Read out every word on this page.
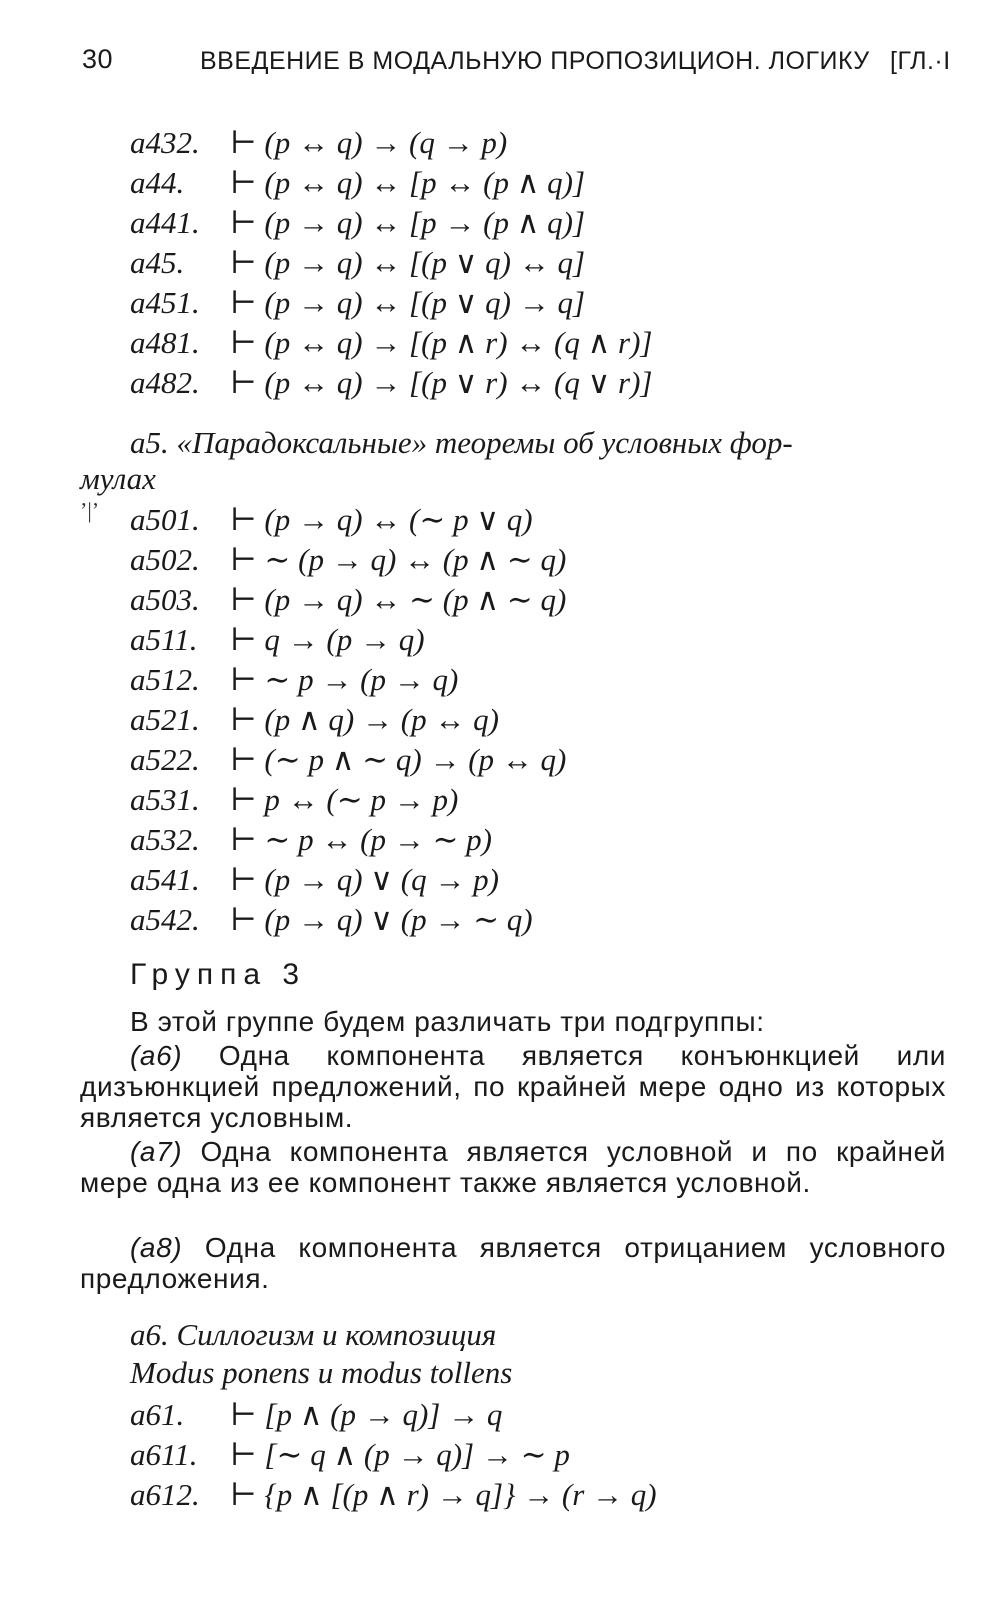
30	ВВЕДЕНИЕ В МОДАЛЬНУЮ ПРОПОЗИЦИОН. ЛОГИКУ [ГЛ.·I
a432. ⊢ (p ↔ q) → (q → p)
a44. ⊢ (p ↔ q) ↔ [p ↔ (p ∧ q)]
a441. ⊢ (p → q) ↔ [p → (p ∧ q)]
a45. ⊢ (p → q) ↔ [(p ∨ q) ↔ q]
a451. ⊢ (p → q) ↔ [(p ∨ q) → q]
a481. ⊢ (p ↔ q) → [(p ∧ r) ↔ (q ∧ r)]
a482. ⊢ (p ↔ q) → [(p ∨ r) ↔ (q ∨ r)]
a5. «Парадоксальные» теоремы об условных фор-
мулах
ʼ|ʼ a501. ⊢ (p → q) ↔ (∼ p ∨ q)
a502. ⊢ ∼ (p → q) ↔ (p ∧ ∼ q)
a503. ⊢ (p → q) ↔ ∼ (p ∧ ∼ q)
a511. ⊢ q → (p → q)
a512. ⊢ ∼ p → (p → q)
a521. ⊢ (p ∧ q) → (p ↔ q)
a522. ⊢ (∼ p ∧ ∼ q) → (p ↔ q)
a531. ⊢ p ↔ (∼ p → p)
a532. ⊢ ∼ p ↔ (p → ∼ p)
a541. ⊢ (p → q) ∨ (q → p)
a542. ⊢ (p → q) ∨ (p → ∼ q)
Группа 3
В этой группе будем различать три подгруппы:
(a6) Одна компонента является конъюнкцией или дизъюнкцией предложений, по крайней мере одно из которых является условным.
(a7) Одна компонента является условной и по крайней мере одна из ее компонент также является условной.
(a8) Одна компонента является отрицанием условного предложения.
a6. Силлогизм и композиция
Modus ponens и modus tollens
a61. ⊢ [p ∧ (p → q)] → q
a611. ⊢ [∼ q ∧ (p → q)] → ∼ p
a612. ⊢ {p ∧ [(p ∧ r) → q]} → (r → q)
